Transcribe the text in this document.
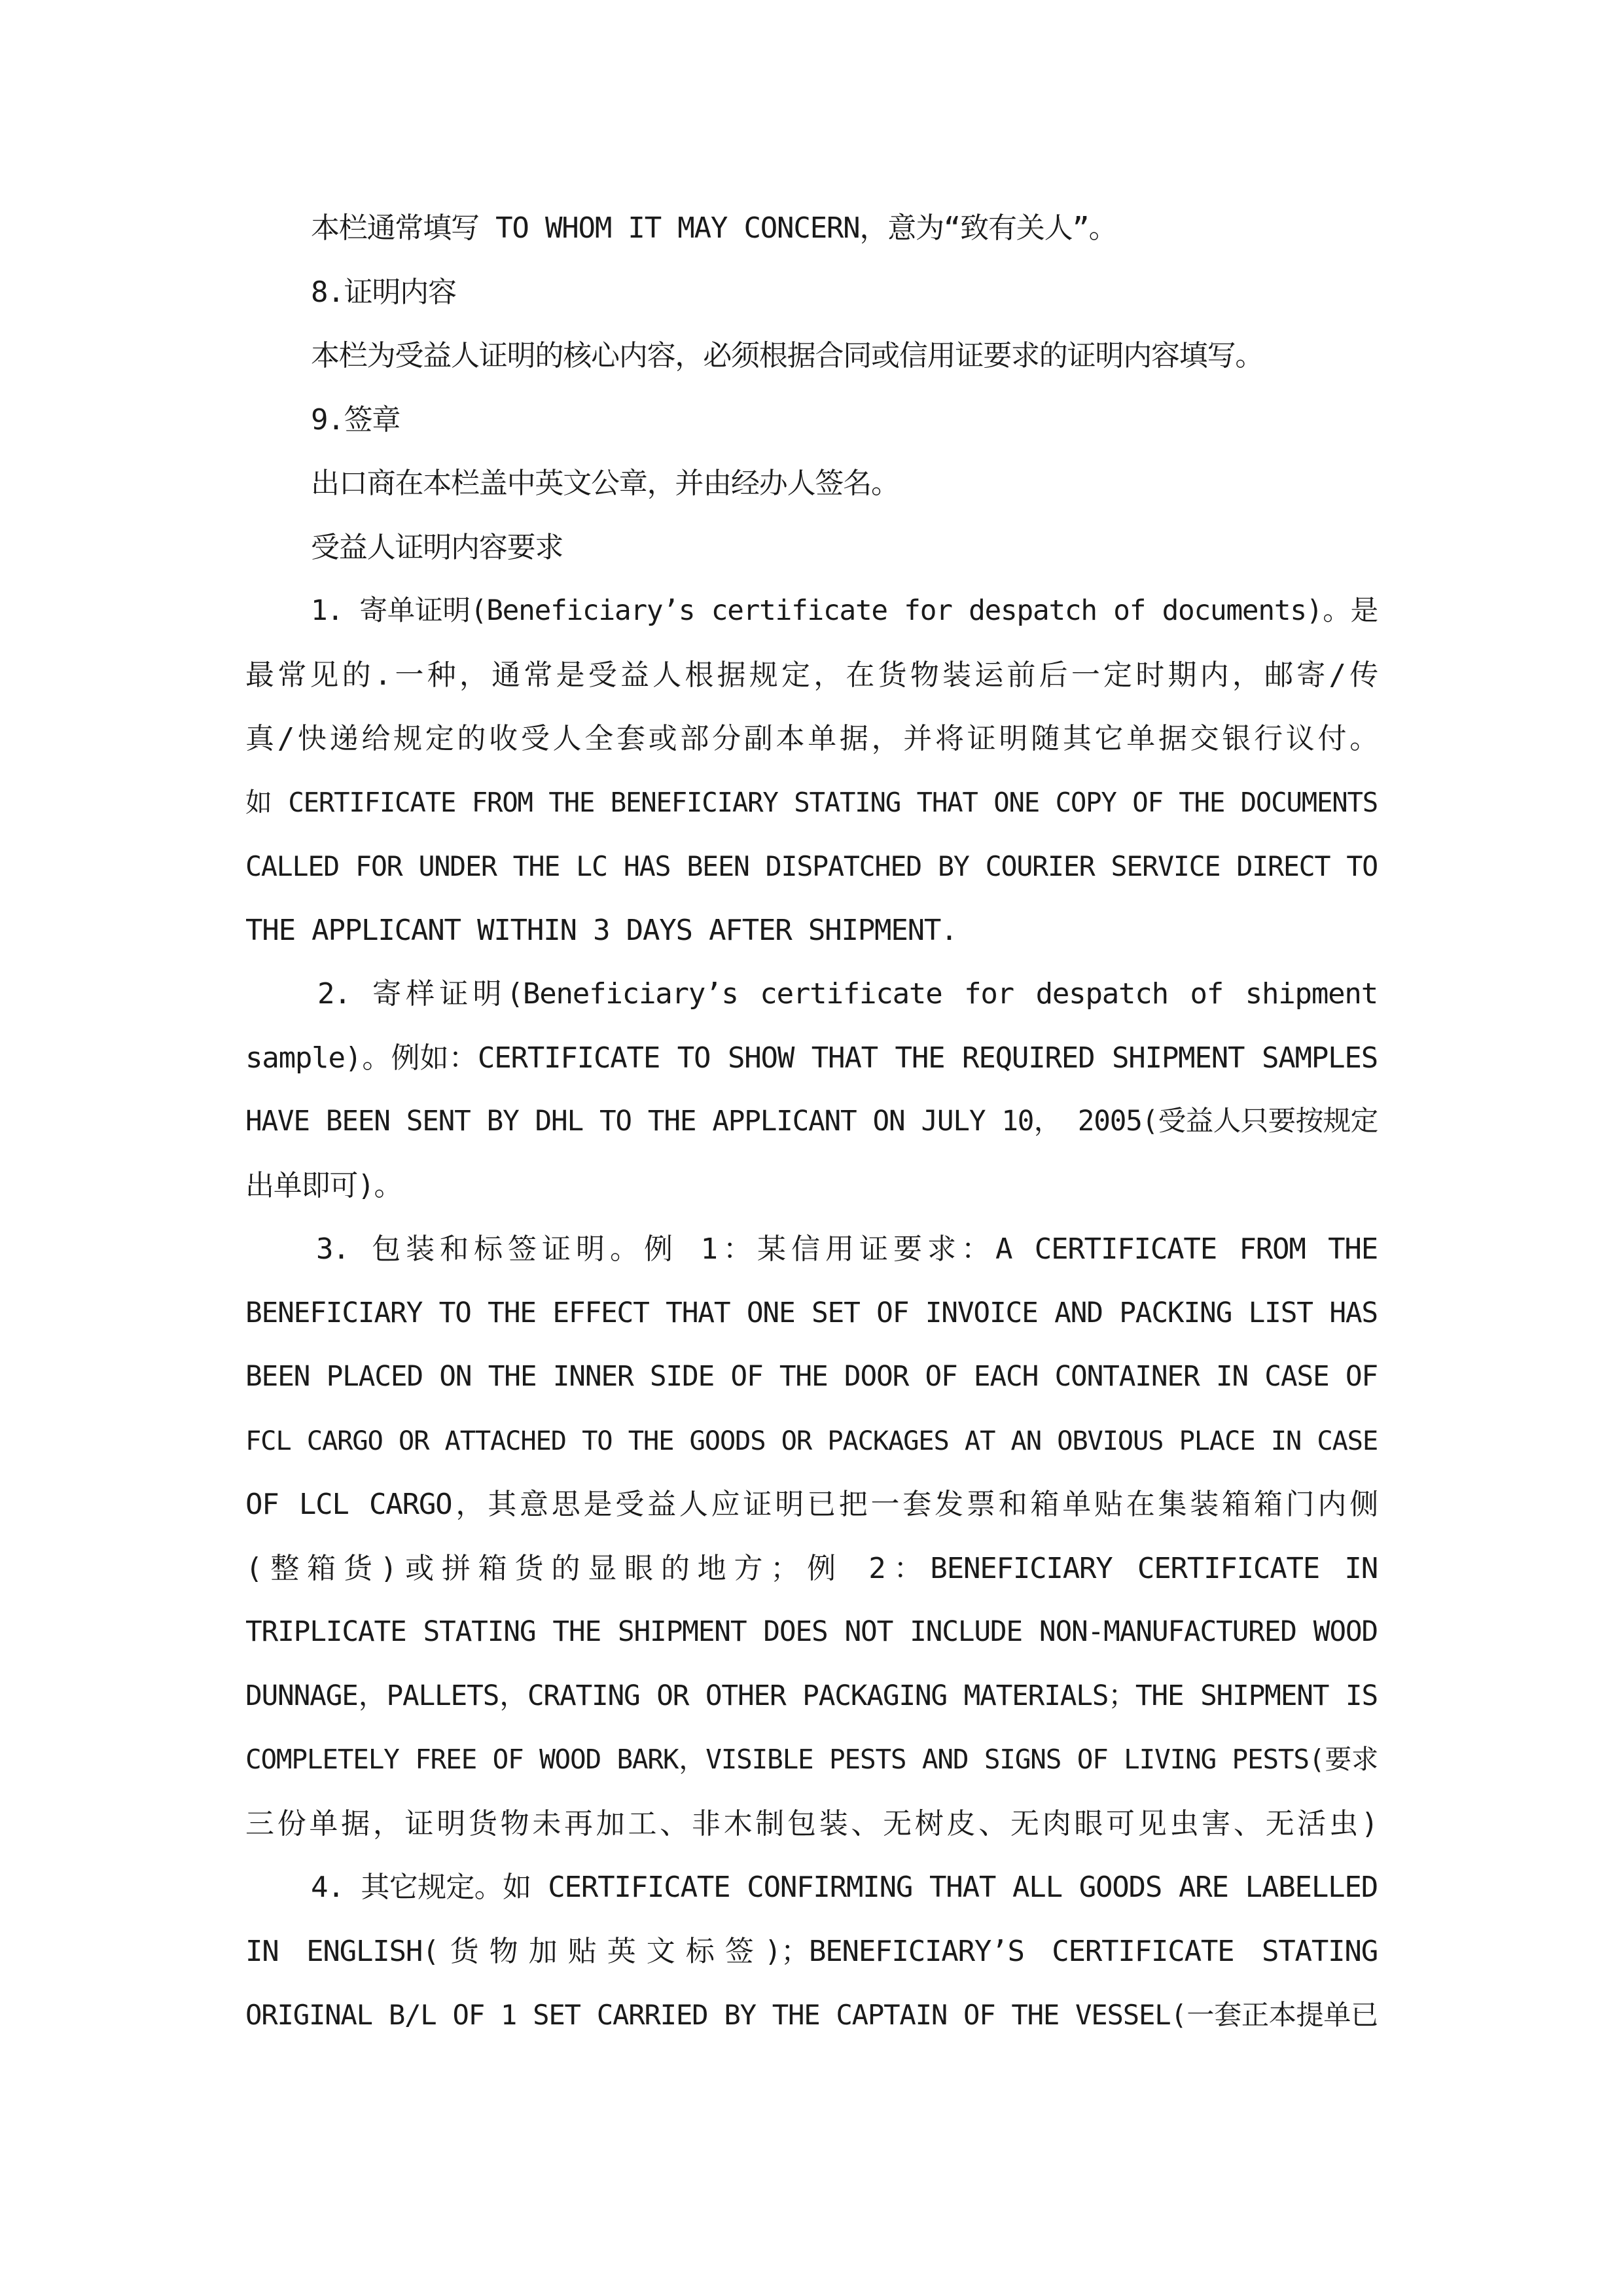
本栏通常填写 TO WHOM IT MAY CONCERN，意为“致有关人”。
8.证明内容
本栏为受益人证明的核心内容，必须根据合同或信用证要求的证明内容填写。
9.签章
出口商在本栏盖中英文公章，并由经办人签名。
受益人证明内容要求
1. 寄单证明(Beneficiary’s certificate for despatch of documents)。是
最常见的.一种，通常是受益人根据规定，在货物装运前后一定时期内，邮寄/传
真/快递给规定的收受人全套或部分副本单据，并将证明随其它单据交银行议付。
如 CERTIFICATE FROM THE BENEFICIARY STATING THAT ONE COPY OF THE DOCUMENTS
CALLED FOR UNDER THE LC HAS BEEN DISPATCHED BY COURIER SERVICE DIRECT TO
THE APPLICANT WITHIN 3 DAYS AFTER SHIPMENT.
2. 寄样证明(Beneficiary’s certificate for despatch of shipment
sample)。例如：CERTIFICATE TO SHOW THAT THE REQUIRED SHIPMENT SAMPLES
HAVE BEEN SENT BY DHL TO THE APPLICANT ON JULY 10， 2005(受益人只要按规定
出单即可)。
3. 包装和标签证明。例 1：某信用证要求：A CERTIFICATE FROM THE
BENEFICIARY TO THE EFFECT THAT ONE SET OF INVOICE AND PACKING LIST HAS
BEEN PLACED ON THE INNER SIDE OF THE DOOR OF EACH CONTAINER IN CASE OF
FCL CARGO OR ATTACHED TO THE GOODS OR PACKAGES AT AN OBVIOUS PLACE IN CASE
OF LCL CARGO，其意思是受益人应证明已把一套发票和箱单贴在集装箱箱门内侧
(整箱货)或拼箱货的显眼的地方；例 2：BENEFICIARY CERTIFICATE IN
TRIPLICATE STATING THE SHIPMENT DOES NOT INCLUDE NON-MANUFACTURED WOOD
DUNNAGE，PALLETS，CRATING OR OTHER PACKAGING MATERIALS；THE SHIPMENT IS
COMPLETELY FREE OF WOOD BARK，VISIBLE PESTS AND SIGNS OF LIVING PESTS(要求
三份单据，证明货物未再加工、非木制包装、无树皮、无肉眼可见虫害、无活虫)
4. 其它规定。如 CERTIFICATE CONFIRMING THAT ALL GOODS ARE LABELLED
IN ENGLISH(货物加贴英文标签)；BENEFICIARY’S CERTIFICATE STATING
ORIGINAL B/L OF 1 SET CARRIED BY THE CAPTAIN OF THE VESSEL(一套正本提单已
